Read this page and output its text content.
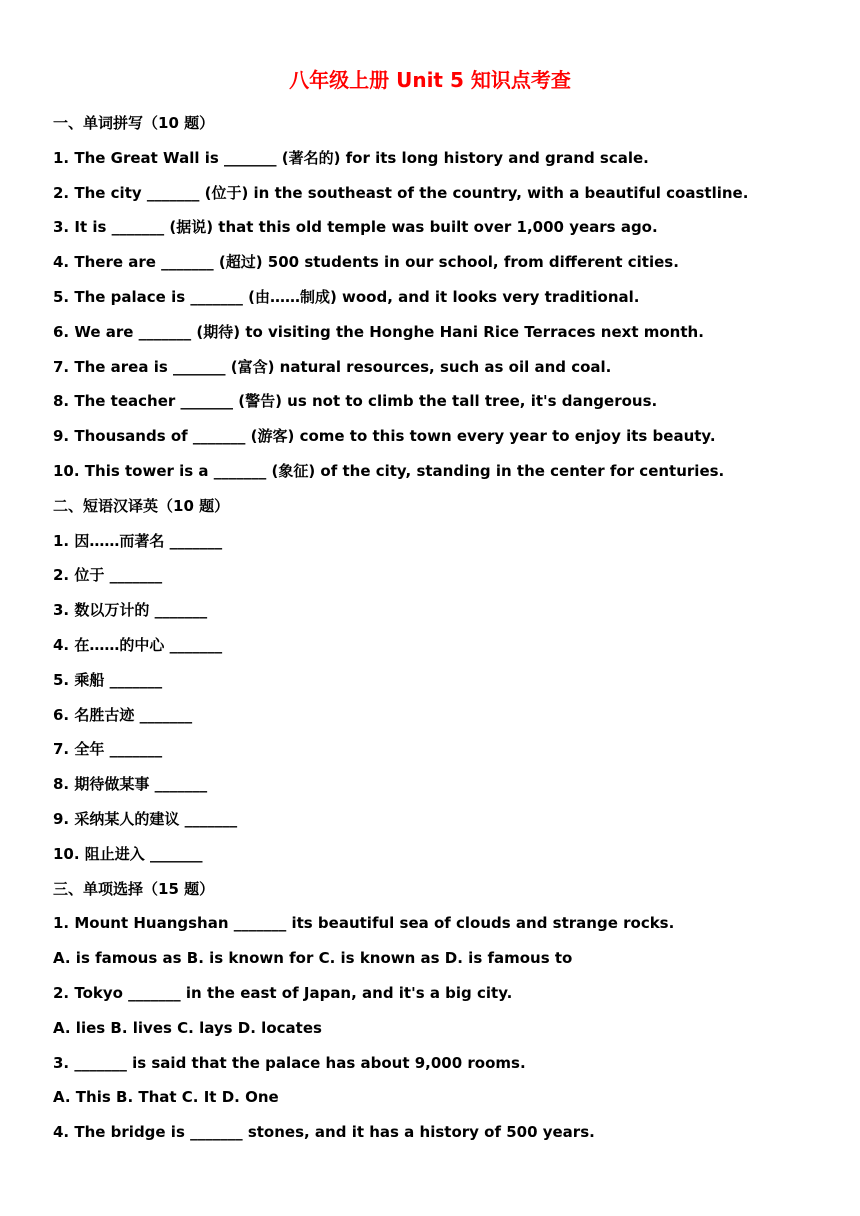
八年级上册 Unit 5 知识点考查
一、单词拼写（10 题）
1. The Great Wall is _______ (著名的) for its long history and grand scale.
2. The city _______ (位于) in the southeast of the country, with a beautiful coastline.
3. It is _______ (据说) that this old temple was built over 1,000 years ago.
4. There are _______ (超过) 500 students in our school, from different cities.
5. The palace is _______ (由……制成) wood, and it looks very traditional.
6. We are _______ (期待) to visiting the Honghe Hani Rice Terraces next month.
7. The area is _______ (富含) natural resources, such as oil and coal.
8. The teacher _______ (警告) us not to climb the tall tree, it's dangerous.
9. Thousands of _______ (游客) come to this town every year to enjoy its beauty.
10. This tower is a _______ (象征) of the city, standing in the center for centuries.
二、短语汉译英（10 题）
1. 因……而著名 _______
2. 位于 _______
3. 数以万计的 _______
4. 在……的中心 _______
5. 乘船 _______
6. 名胜古迹 _______
7. 全年 _______
8. 期待做某事 _______
9. 采纳某人的建议 _______
10. 阻止进入 _______
三、单项选择（15 题）
1. Mount Huangshan _______ its beautiful sea of clouds and strange rocks.
A. is famous as B. is known for C. is known as D. is famous to
2. Tokyo _______ in the east of Japan, and it's a big city.
A. lies B. lives C. lays D. locates
3. _______ is said that the palace has about 9,000 rooms.
A. This B. That C. It D. One
4. The bridge is _______ stones, and it has a history of 500 years.
